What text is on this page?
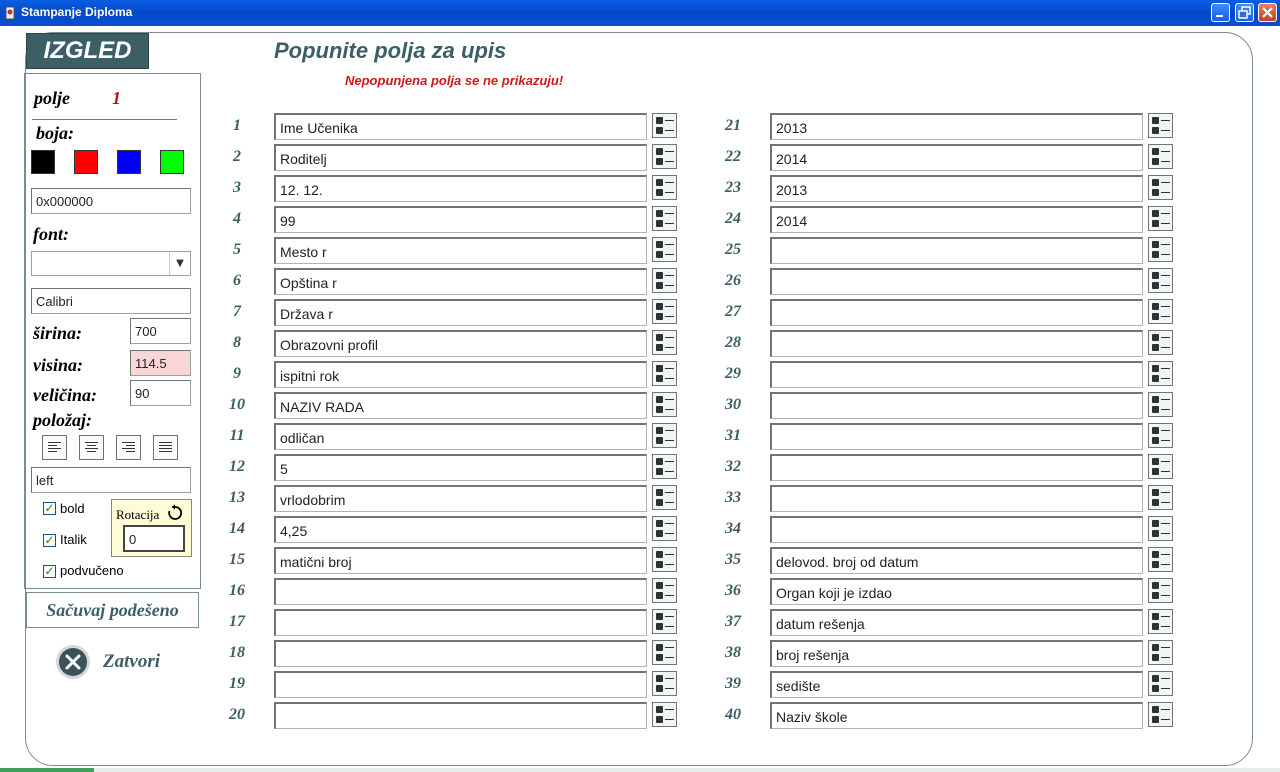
Stampanje Diploma
IZGLED
polje 1
boja:
0x000000
font:
▼
Calibri
širina:	700
visina:	114.5
veličina:	90
položaj:
left
✓ bold
✓ Italik
✓ podvučeno
Rotacija
0
Sačuvaj podešeno
Zatvori
Popunite polja za upis
Nepopunjena polja se ne prikazuju!
1	Ime Učenika
2	Roditelj
3	12. 12.
4	99
5	Mesto r
6	Opština r
7	Država r
8	Obrazovni profil
9	ispitni rok
10	NAZIV RADA
11	odličan
12	5
13	vrlodobrim
14	4,25
15	matični broj
16
17
18
19
20
21	2013
22	2014
23	2013
24	2014
25
26
27
28
29
30
31
32
33
34
35	delovod. broj od datum
36	Organ koji je izdao
37	datum rešenja
38	broj rešenja
39	sedište
40	Naziv škole
